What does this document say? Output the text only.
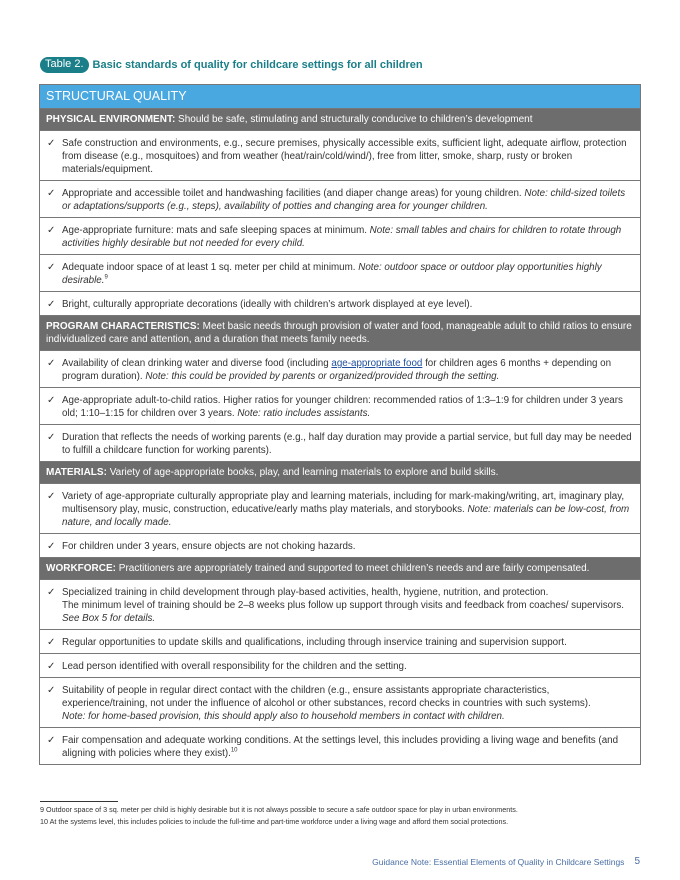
Table 2. Basic standards of quality for childcare settings for all children
STRUCTURAL QUALITY
PHYSICAL ENVIRONMENT: Should be safe, stimulating and structurally conducive to children’s development
✓ Safe construction and environments, e.g., secure premises, physically accessible exits, sufficient light, adequate airflow, protection from disease (e.g., mosquitoes) and from weather (heat/rain/cold/wind/), free from litter, smoke, sharp, rusty or broken materials/equipment.
✓ Appropriate and accessible toilet and handwashing facilities (and diaper change areas) for young children. Note: child-sized toilets or adaptations/supports (e.g., steps), availability of potties and changing area for younger children.
✓ Age-appropriate furniture: mats and safe sleeping spaces at minimum. Note: small tables and chairs for children to rotate through activities highly desirable but not needed for every child.
✓ Adequate indoor space of at least 1 sq. meter per child at minimum. Note: outdoor space or outdoor play opportunities highly desirable.$^9$
✓ Bright, culturally appropriate decorations (ideally with children’s artwork displayed at eye level).
PROGRAM CHARACTERISTICS: Meet basic needs through provision of water and food, manageable adult to child ratios to ensure individualized care and attention, and a duration that meets family needs.
✓ Availability of clean drinking water and diverse food (including age-appropriate food for children ages 6 months + depending on program duration). Note: this could be provided by parents or organized/provided through the setting.
✓ Age-appropriate adult-to-child ratios. Higher ratios for younger children: recommended ratios of 1:3–1:9 for children under 3 years old; 1:10–1:15 for children over 3 years. Note: ratio includes assistants.
✓ Duration that reflects the needs of working parents (e.g., half day duration may provide a partial service, but full day may be needed to fulfill a childcare function for working parents).
MATERIALS: Variety of age-appropriate books, play, and learning materials to explore and build skills.
✓ Variety of age-appropriate culturally appropriate play and learning materials, including for mark-making/writing, art, imaginary play, multisensory play, music, construction, educative/early maths play materials, and storybooks. Note: materials can be low-cost, from nature, and locally made.
✓ For children under 3 years, ensure objects are not choking hazards.
WORKFORCE: Practitioners are appropriately trained and supported to meet children’s needs and are fairly compensated.
✓ Specialized training in child development through play-based activities, health, hygiene, nutrition, and protection.
The minimum level of training should be 2–8 weeks plus follow up support through visits and feedback from coaches/ supervisors. See Box 5 for details.
✓ Regular opportunities to update skills and qualifications, including through inservice training and supervision support.
✓ Lead person identified with overall responsibility for the children and the setting.
✓ Suitability of people in regular direct contact with the children (e.g., ensure assistants appropriate characteristics, experience/training, not under the influence of alcohol or other substances, record checks in countries with such systems).
Note: for home-based provision, this should apply also to household members in contact with children.
✓ Fair compensation and adequate working conditions. At the settings level, this includes providing a living wage and benefits (and aligning with policies where they exist).$^{10}$
9 Outdoor space of 3 sq. meter per child is highly desirable but it is not always possible to secure a safe outdoor space for play in urban environments.
10 At the systems level, this includes policies to include the full-time and part-time workforce under a living wage and afford them social protections.
Guidance Note: Essential Elements of Quality in Childcare Settings 5
